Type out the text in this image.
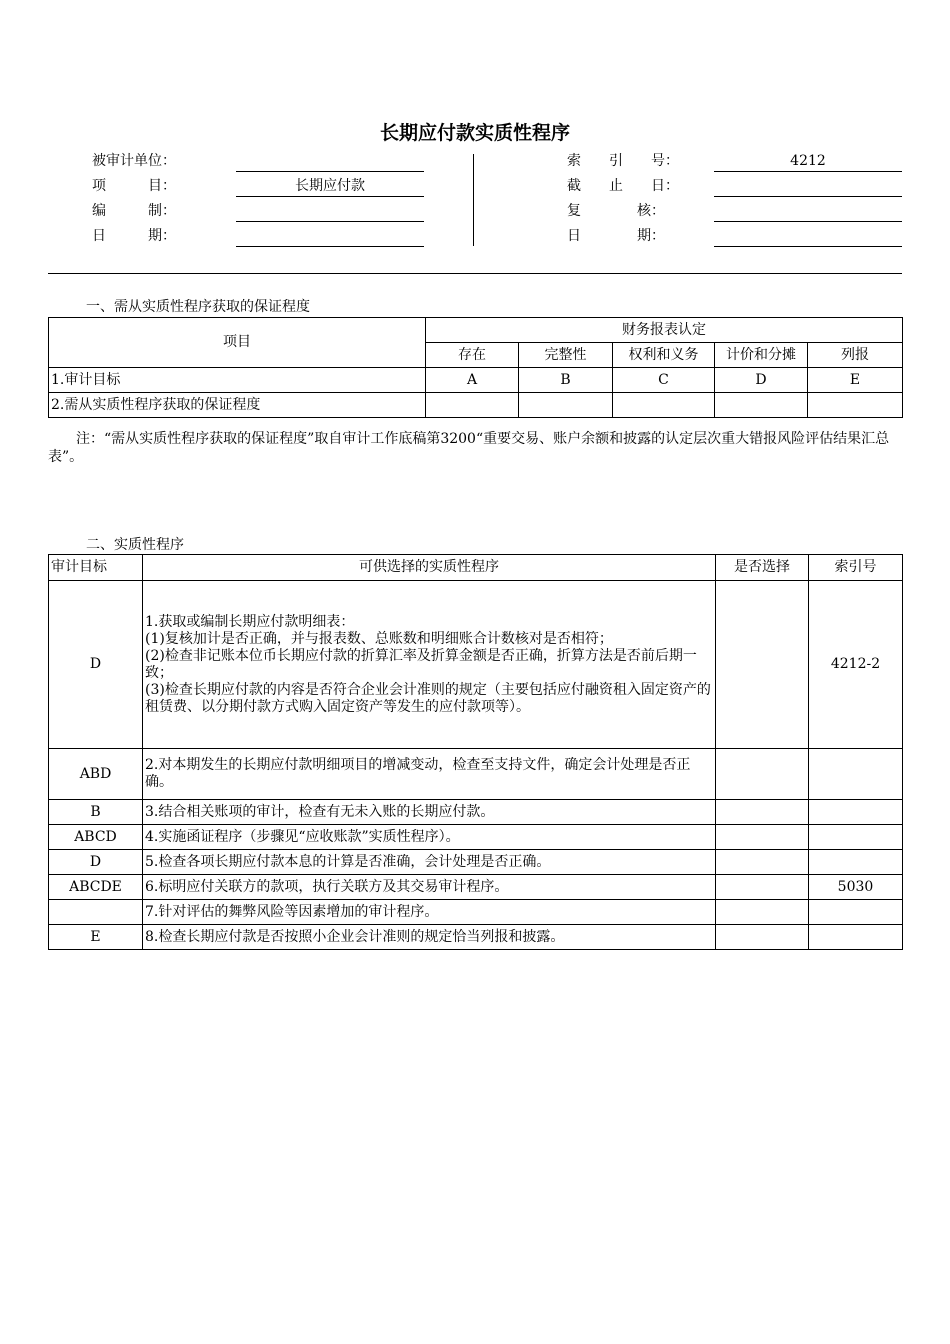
长期应付款实质性程序
被审计单位：
项　　　目：	长期应付款
编　　　制：
日　　　期：
索　　引　　号：	4212
截　　止　　日：
复　　　　核：
日　　　　期：
一、需从实质性程序获取的保证程度
项目	财务报表认定				
	存在	完整性	权利和义务	计价和分摊	列报
1.审计目标	A	B	C	D	E
2.需从实质性程序获取的保证程度					
注：“需从实质性程序获取的保证程度”取自审计工作底稿第3200“重要交易、账户余额和披露的认定层次重大错报风险评估结果汇总表”。
二、实质性程序
审计目标	可供选择的实质性程序	是否选择	索引号
D	1.获取或编制长期应付款明细表：
(1)复核加计是否正确，并与报表数、总账数和明细账合计数核对是否相符；
(2)检查非记账本位币长期应付款的折算汇率及折算金额是否正确，折算方法是否前后期一致；
(3)检查长期应付款的内容是否符合企业会计准则的规定（主要包括应付融资租入固定资产的租赁费、以分期付款方式购入固定资产等发生的应付款项等）。		4212-2
ABD	2.对本期发生的长期应付款明细项目的增减变动，检查至支持文件，确定会计处理是否正确。		
B	3.结合相关账项的审计，检查有无未入账的长期应付款。		
ABCD	4.实施函证程序（步骤见“应收账款”实质性程序）。		
D	5.检查各项长期应付款本息的计算是否准确，会计处理是否正确。		
ABCDE	6.标明应付关联方的款项，执行关联方及其交易审计程序。		5030
	7.针对评估的舞弊风险等因素增加的审计程序。		
E	8.检查长期应付款是否按照小企业会计准则的规定恰当列报和披露。		
